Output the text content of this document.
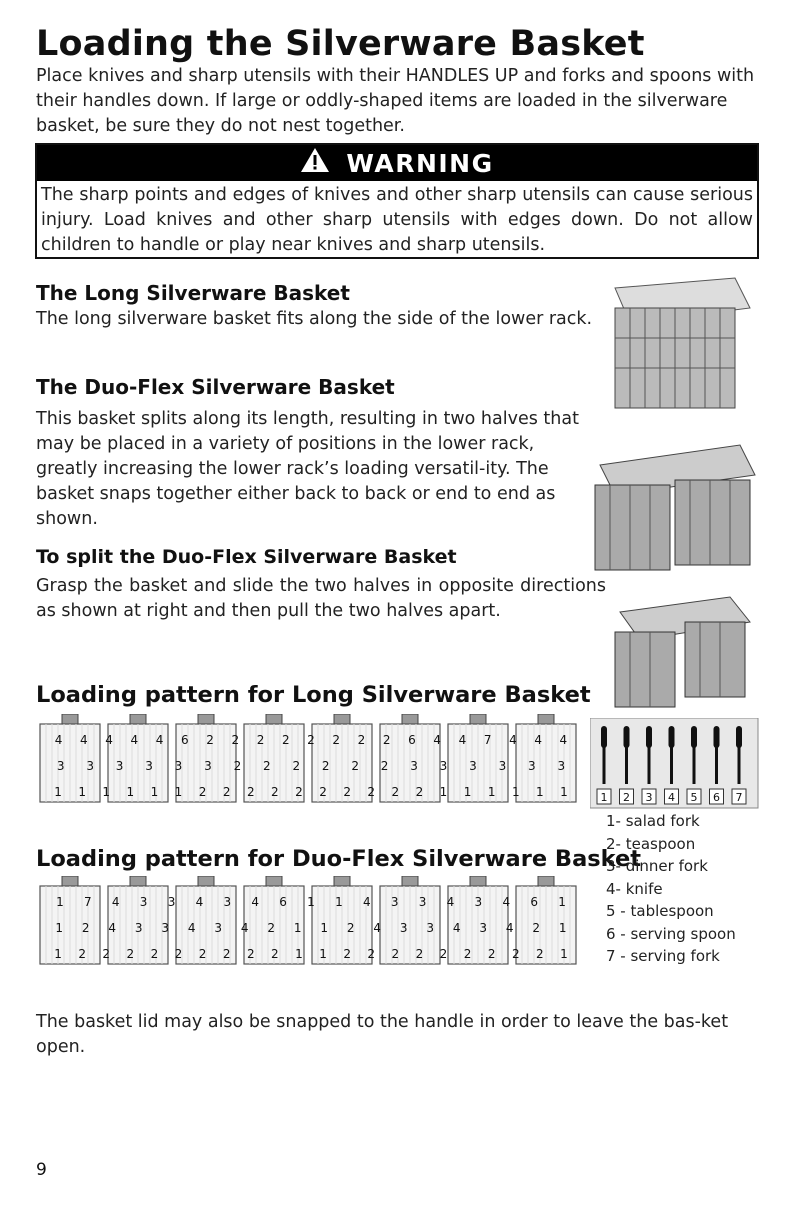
Loading the Silverware Basket

Place knives and sharp utensils with their HANDLES UP and forks and spoons with their handles down. If large or oddly-shaped items are loaded in the silverware basket, be sure they do not nest together.

WARNING

The sharp points and edges of knives and other sharp utensils can cause serious injury. Load knives and other sharp utensils with edges down. Do not allow children to handle or play near knives and sharp utensils.

The Long Silverware Basket

The long silverware basket fits along the side of the lower rack.

The Duo-Flex Silverware Basket

This basket splits along its length, resulting in two halves that may be placed in a variety of positions in the lower rack, greatly increasing the lower rack’s loading versatil-ity. The basket snaps together either back to back or end to end as shown.

To split the Duo-Flex Silverware Basket

Grasp the basket and slide the two halves in opposite directions as shown at right and then pull the two halves apart.

Loading pattern for Long Silverware Basket
4 4 4 4 4 6 2 2 2 2 2 2 2 2 6 4 4 7 4 4 4
3 3 3 3 3 3 2 2 2 2 2 2 3 3 3 3 3 3
1 1 1 1 1 1 2 2 2 2 2 2 2 2 2 2 1 1 1 1 1 1	1 2 3 4 5 6 7
Loading pattern for Duo-Flex Silverware Basket
1 7 4 3 3 4 3 4 6 1 1 4 3 3 4 3 4 6 1
1 2 4 3 3 4 3 4 2 1 1 2 4 3 3 4 3 4 2 1
1 2 2 2 2 2 2 2 2 2 1 1 2 2 2 2 2 2 2 2 2 1
1- salad fork
2- teaspoon
3- dinner fork
4- knife
5 - tablespoon
6 - serving spoon
7 - serving fork

The basket lid may also be snapped to the handle in order to leave the bas-ket open.

9
